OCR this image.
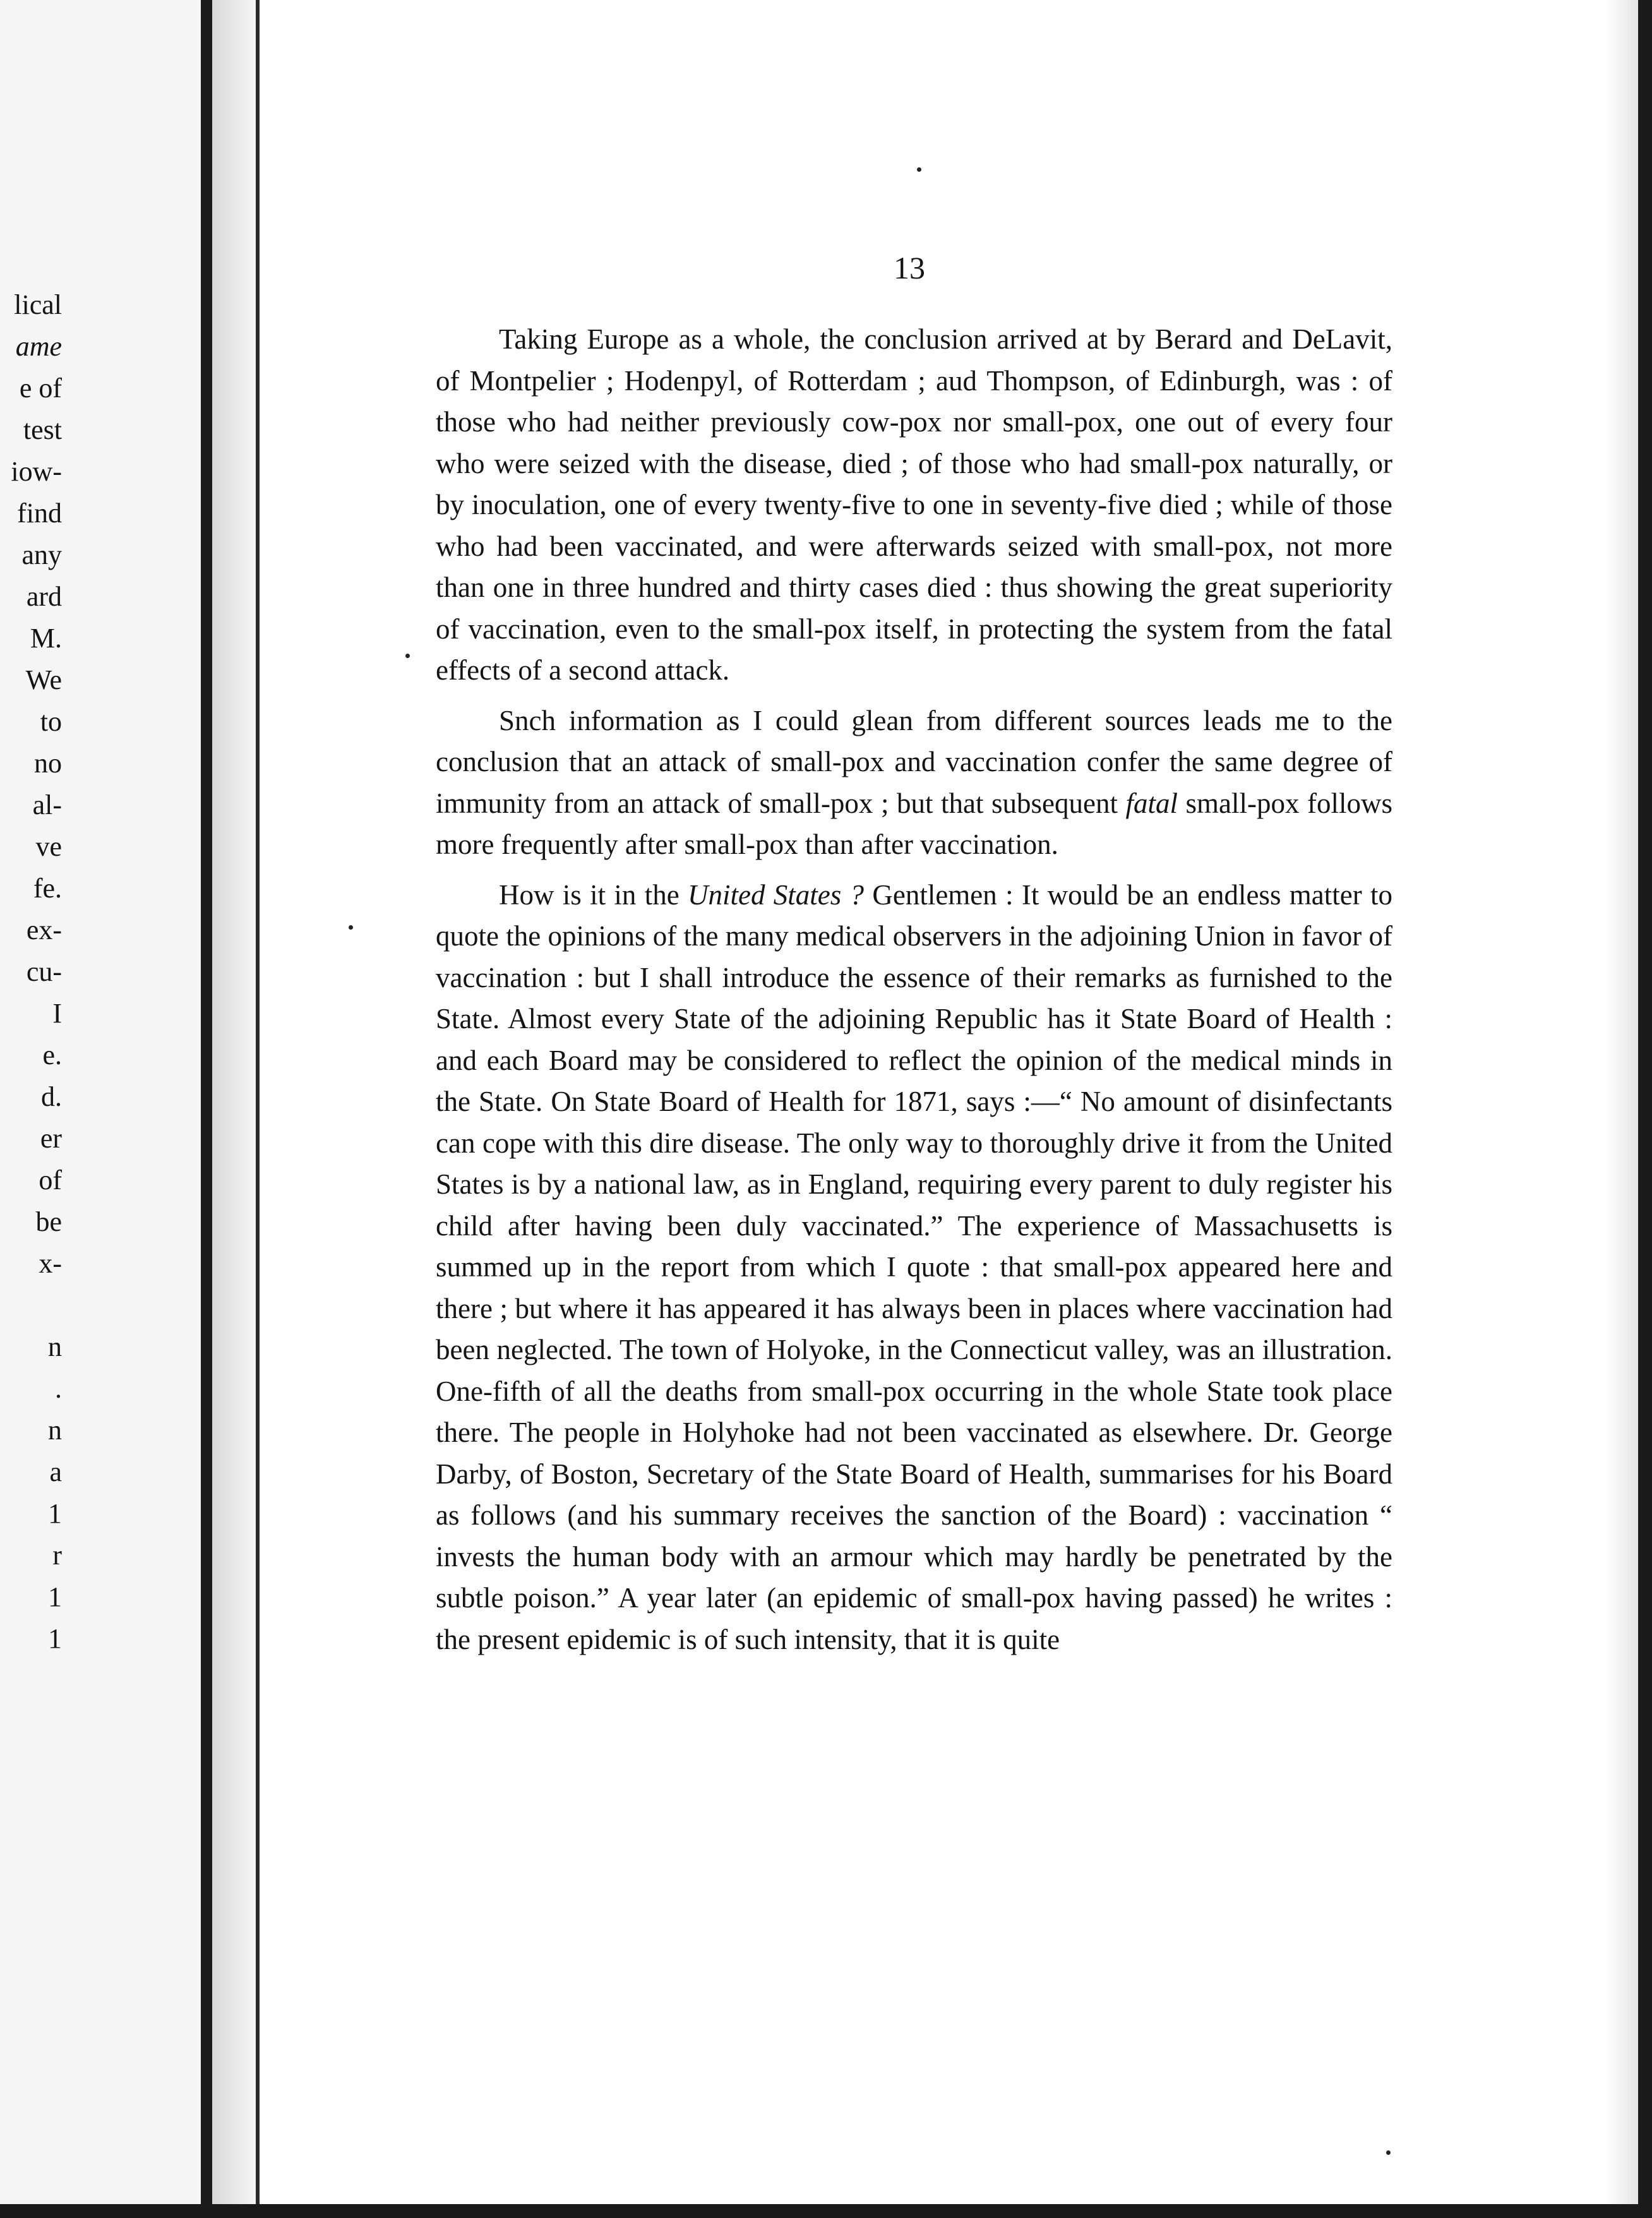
lical
ame
e of
test
iow-
find
any
ard
M.
We
to
no
al-
ve
fe.
ex-
cu-
I
e.
d.
er
of
be
x-
n
.
n
a
1
r
1
1
13

Taking Europe as a whole, the conclusion arrived at by Berard and DeLavit, of Montpelier ; Hodenpyl, of Rotterdam ; aud Thompson, of Edinburgh, was : of those who had neither previously cow-pox nor small-pox, one out of every four who were seized with the disease, died ; of those who had small-pox naturally, or by inoculation, one of every twenty-five to one in seventy-five died ; while of those who had been vaccinated, and were afterwards seized with small-pox, not more than one in three hundred and thirty cases died : thus showing the great superiority of vaccination, even to the small-pox itself, in protecting the system from the fatal effects of a second attack.

Snch information as I could glean from different sources leads me to the conclusion that an attack of small-pox and vaccination confer the same degree of immunity from an attack of small-pox ; but that subsequent fatal small-pox follows more frequently after small-pox than after vaccination.

How is it in the United States ? Gentlemen : It would be an endless matter to quote the opinions of the many medical observers in the adjoining Union in favor of vaccination : but I shall introduce the essence of their remarks as furnished to the State. Almost every State of the adjoining Republic has it State Board of Health : and each Board may be considered to reflect the opinion of the medical minds in the State. On State Board of Health for 1871, says :—“ No amount of disinfectants can cope with this dire disease. The only way to thoroughly drive it from the United States is by a national law, as in England, requiring every parent to duly register his child after having been duly vaccinated.” The experience of Massachusetts is summed up in the report from which I quote : that small-pox appeared here and there ; but where it has appeared it has always been in places where vaccination had been neglected. The town of Holyoke, in the Connecticut valley, was an illustration. One-fifth of all the deaths from small-pox occurring in the whole State took place there. The people in Holyhoke had not been vaccinated as elsewhere. Dr. George Darby, of Boston, Secretary of the State Board of Health, summarises for his Board as follows (and his summary receives the sanction of the Board) : vaccination “ invests the human body with an armour which may hardly be penetrated by the subtle poison.” A year later (an epidemic of small-pox having passed) he writes : the present epidemic is of such intensity, that it is quite
